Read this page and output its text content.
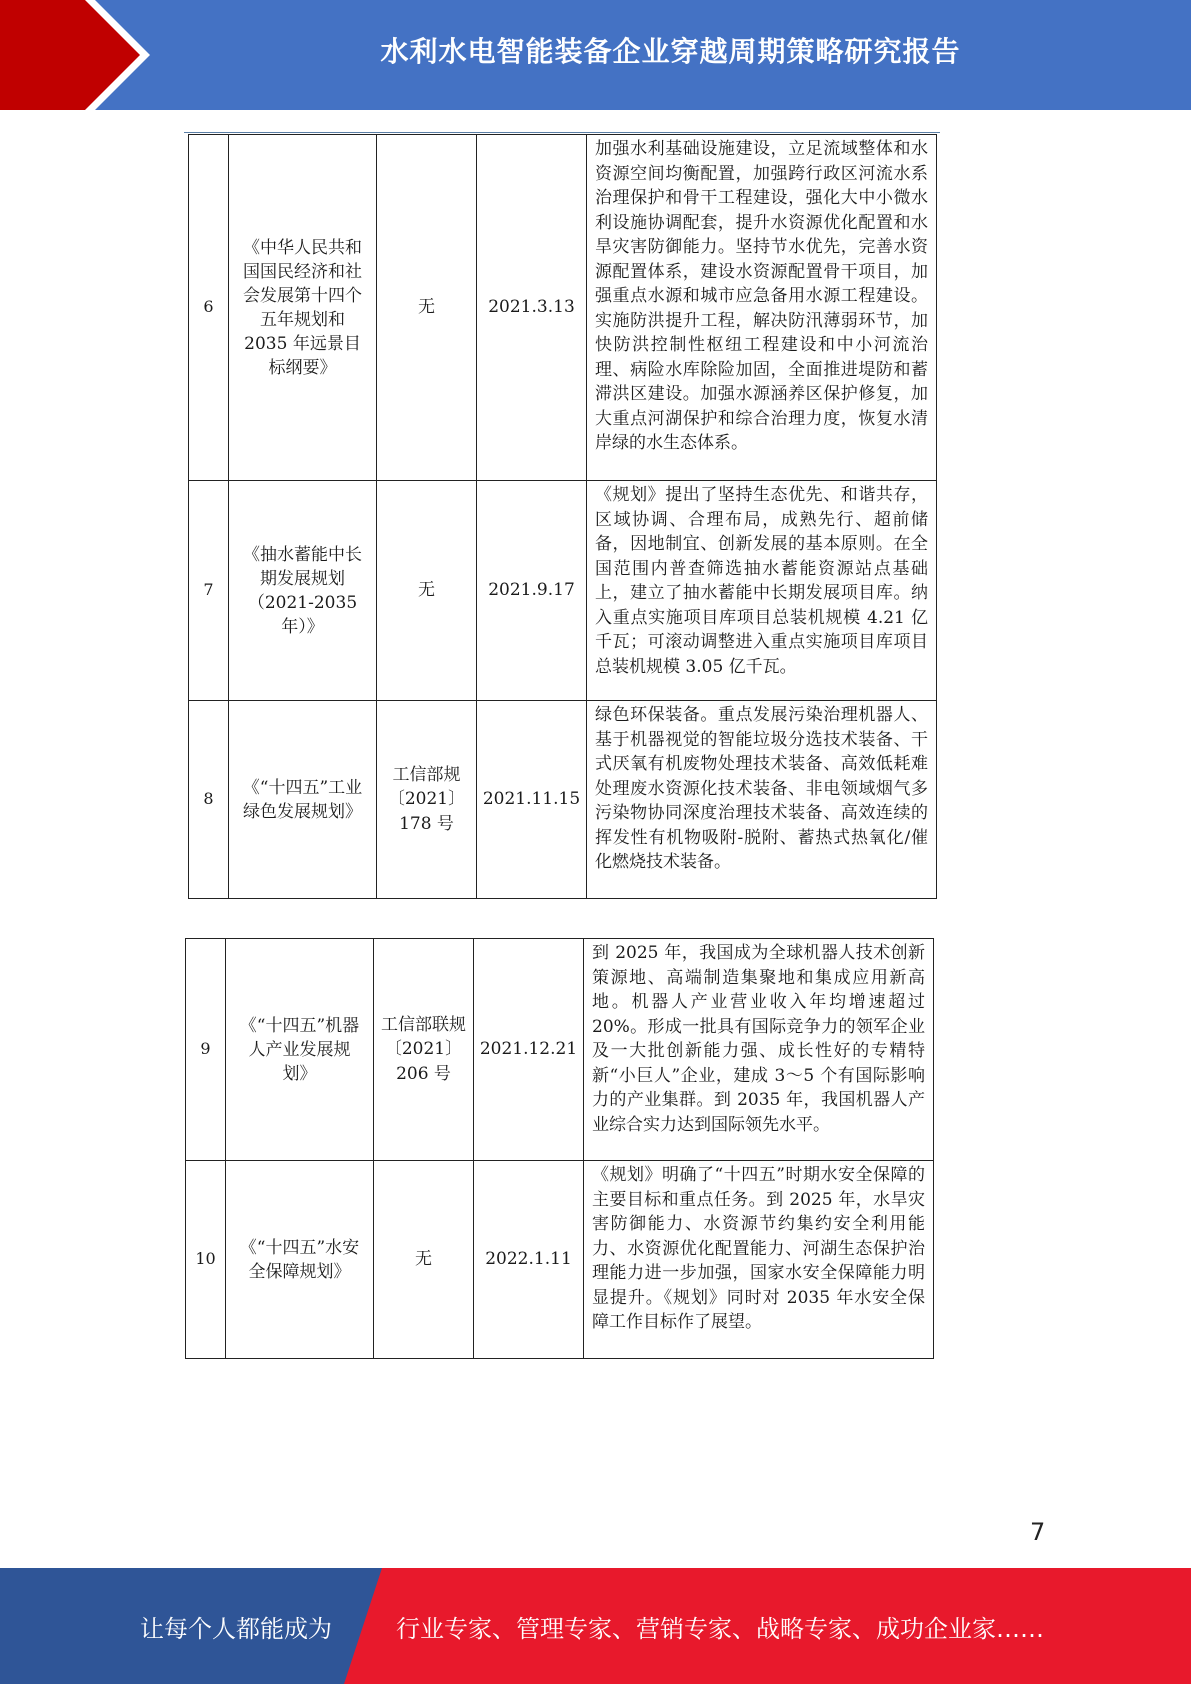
水利水电智能装备企业穿越周期策略研究报告
6	《中华人民共和国国民经济和社会发展第十四个五年规划和 2035 年远景目标纲要》	无	2021.3.13	加强水利基础设施建设，立足流域整体和水资源空间均衡配置，加强跨行政区河流水系治理保护和骨干工程建设，强化大中小微水利设施协调配套，提升水资源优化配置和水旱灾害防御能力。坚持节水优先，完善水资源配置体系，建设水资源配置骨干项目，加强重点水源和城市应急备用水源工程建设。实施防洪提升工程，解决防汛薄弱环节，加快防洪控制性枢纽工程建设和中小河流治理、病险水库除险加固，全面推进堤防和蓄滞洪区建设。加强水源涵养区保护修复，加大重点河湖保护和综合治理力度，恢复水清岸绿的水生态体系。
7	《抽水蓄能中长期发展规划（2021-2035 年）》	无	2021.9.17	《规划》提出了坚持生态优先、和谐共存，区域协调、合理布局，成熟先行、超前储备，因地制宜、创新发展的基本原则。在全国范围内普查筛选抽水蓄能资源站点基础上，建立了抽水蓄能中长期发展项目库。纳入重点实施项目库项目总装机规模 4.21 亿千瓦；可滚动调整进入重点实施项目库项目总装机规模 3.05 亿千瓦。
8	《“十四五”工业绿色发展规划》	工信部规〔2021〕178 号	2021.11.15	绿色环保装备。重点发展污染治理机器人、基于机器视觉的智能垃圾分选技术装备、干式厌氧有机废物处理技术装备、高效低耗难处理废水资源化技术装备、非电领域烟气多污染物协同深度治理技术装备、高效连续的挥发性有机物吸附-脱附、蓄热式热氧化/催化燃烧技术装备。
9	《“十四五”机器人产业发展规划》	工信部联规〔2021〕206 号	2021.12.21	到 2025 年，我国成为全球机器人技术创新策源地、高端制造集聚地和集成应用新高地。机器人产业营业收入年均增速超过 20%。形成一批具有国际竞争力的领军企业及一大批创新能力强、成长性好的专精特新“小巨人”企业，建成 3～5 个有国际影响力的产业集群。到 2035 年，我国机器人产业综合实力达到国际领先水平。
10	《“十四五”水安全保障规划》	无	2022.1.11	《规划》明确了“十四五”时期水安全保障的主要目标和重点任务。到 2025 年，水旱灾害防御能力、水资源节约集约安全利用能力、水资源优化配置能力、河湖生态保护治理能力进一步加强，国家水安全保障能力明显提升。《规划》同时对 2035 年水安全保障工作目标作了展望。
7
让每个人都能成为	行业专家、管理专家、营销专家、战略专家、成功企业家……
